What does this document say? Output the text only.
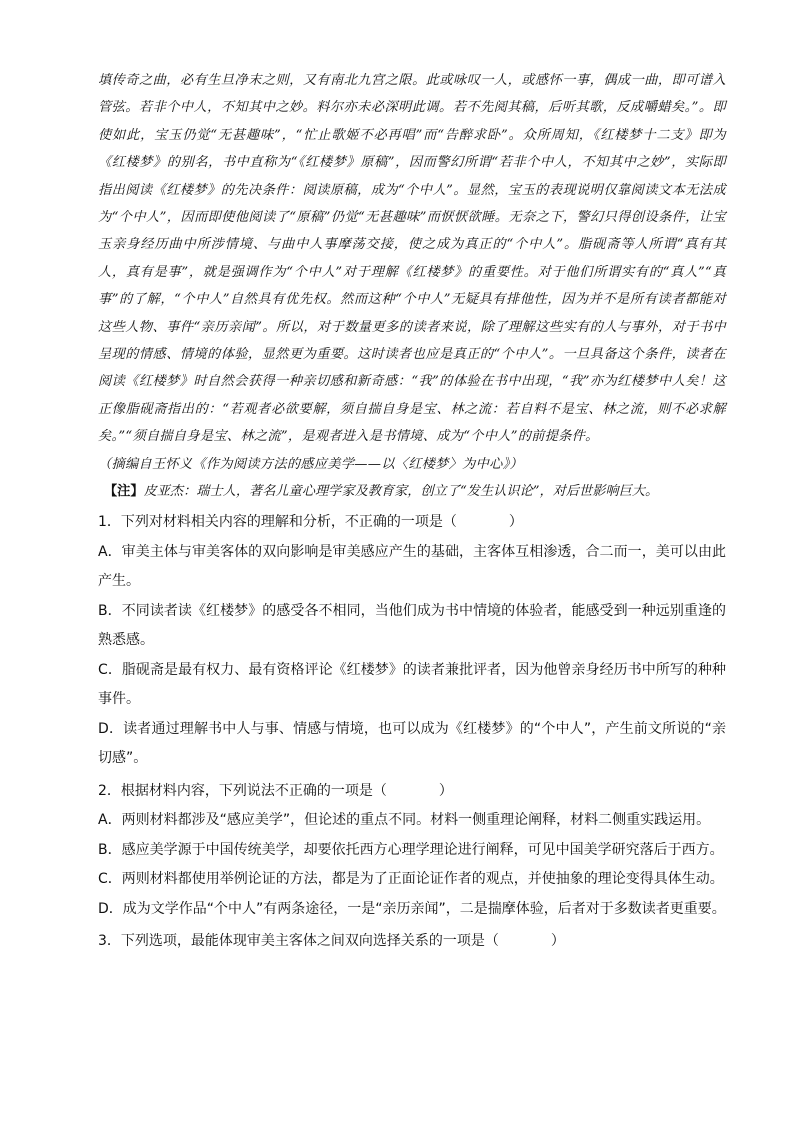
填传奇之曲，必有生旦净末之则，又有南北九宫之限。此或咏叹一人，或感怀一事，偶成一曲，即可谱入管弦。若非个中人，不知其中之妙。料尔亦未必深明此调。若不先阅其稿，后听其歌，反成嚼蜡矣。”。即使如此，宝玉仍觉“无甚趣味”，“忙止歌姬不必再唱”而“告醉求卧”。众所周知，《红楼梦十二支》即为《红楼梦》的别名，书中直称为“《红楼梦》原稿”，因而警幻所谓“若非个中人，不知其中之妙”，实际即指出阅读《红楼梦》的先决条件：阅读原稿，成为“个中人”。显然，宝玉的表现说明仅靠阅读文本无法成为“个中人”，因而即使他阅读了“原稿”仍觉“无甚趣味”而恹恹欲睡。无奈之下，警幻只得创设条件，让宝玉亲身经历曲中所涉情境、与曲中人事摩荡交接，使之成为真正的“个中人”。脂砚斋等人所谓“真有其人，真有是事”，就是强调作为“个中人”对于理解《红楼梦》的重要性。对于他们所谓实有的“真人”“真事”的了解，“个中人”自然具有优先权。然而这种“个中人”无疑具有排他性，因为并不是所有读者都能对这些人物、事件“亲历亲闻”。所以，对于数量更多的读者来说，除了理解这些实有的人与事外，对于书中呈现的情感、情境的体验，显然更为重要。这时读者也应是真正的“个中人”。一旦具备这个条件，读者在阅读《红楼梦》时自然会获得一种亲切感和新奇感：“我”的体验在书中出现，“我”亦为红楼梦中人矣！这正像脂砚斋指出的：“若观者必欲要解，须自揣自身是宝、林之流：若自料不是宝、林之流，则不必求解矣。”“须自揣自身是宝、林之流”，是观者进入是书情境、成为“个中人”的前提条件。

（摘编自王怀义《作为阅读方法的感应美学——以〈红楼梦〉为中心》）

【注】皮亚杰：瑞士人，著名儿童心理学家及教育家，创立了“发生认识论”，对后世影响巨大。

1．下列对材料相关内容的理解和分析，不正确的一项是（	）

A．审美主体与审美客体的双向影响是审美感应产生的基础，主客体互相渗透，合二而一，美可以由此产生。

B．不同读者读《红楼梦》的感受各不相同，当他们成为书中情境的体验者，能感受到一种远别重逢的熟悉感。

C．脂砚斋是最有权力、最有资格评论《红楼梦》的读者兼批评者，因为他曾亲身经历书中所写的种种事件。

D．读者通过理解书中人与事、情感与情境，也可以成为《红楼梦》的“个中人”，产生前文所说的“亲切感”。

2．根据材料内容，下列说法不正确的一项是（	）

A．两则材料都涉及“感应美学”，但论述的重点不同。材料一侧重理论阐释，材料二侧重实践运用。

B．感应美学源于中国传统美学，却要依托西方心理学理论进行阐释，可见中国美学研究落后于西方。

C．两则材料都使用举例论证的方法，都是为了正面论证作者的观点，并使抽象的理论变得具体生动。

D．成为文学作品“个中人”有两条途径，一是“亲历亲闻”，二是揣摩体验，后者对于多数读者更重要。

3．下列选项，最能体现审美主客体之间双向选择关系的一项是（	）
